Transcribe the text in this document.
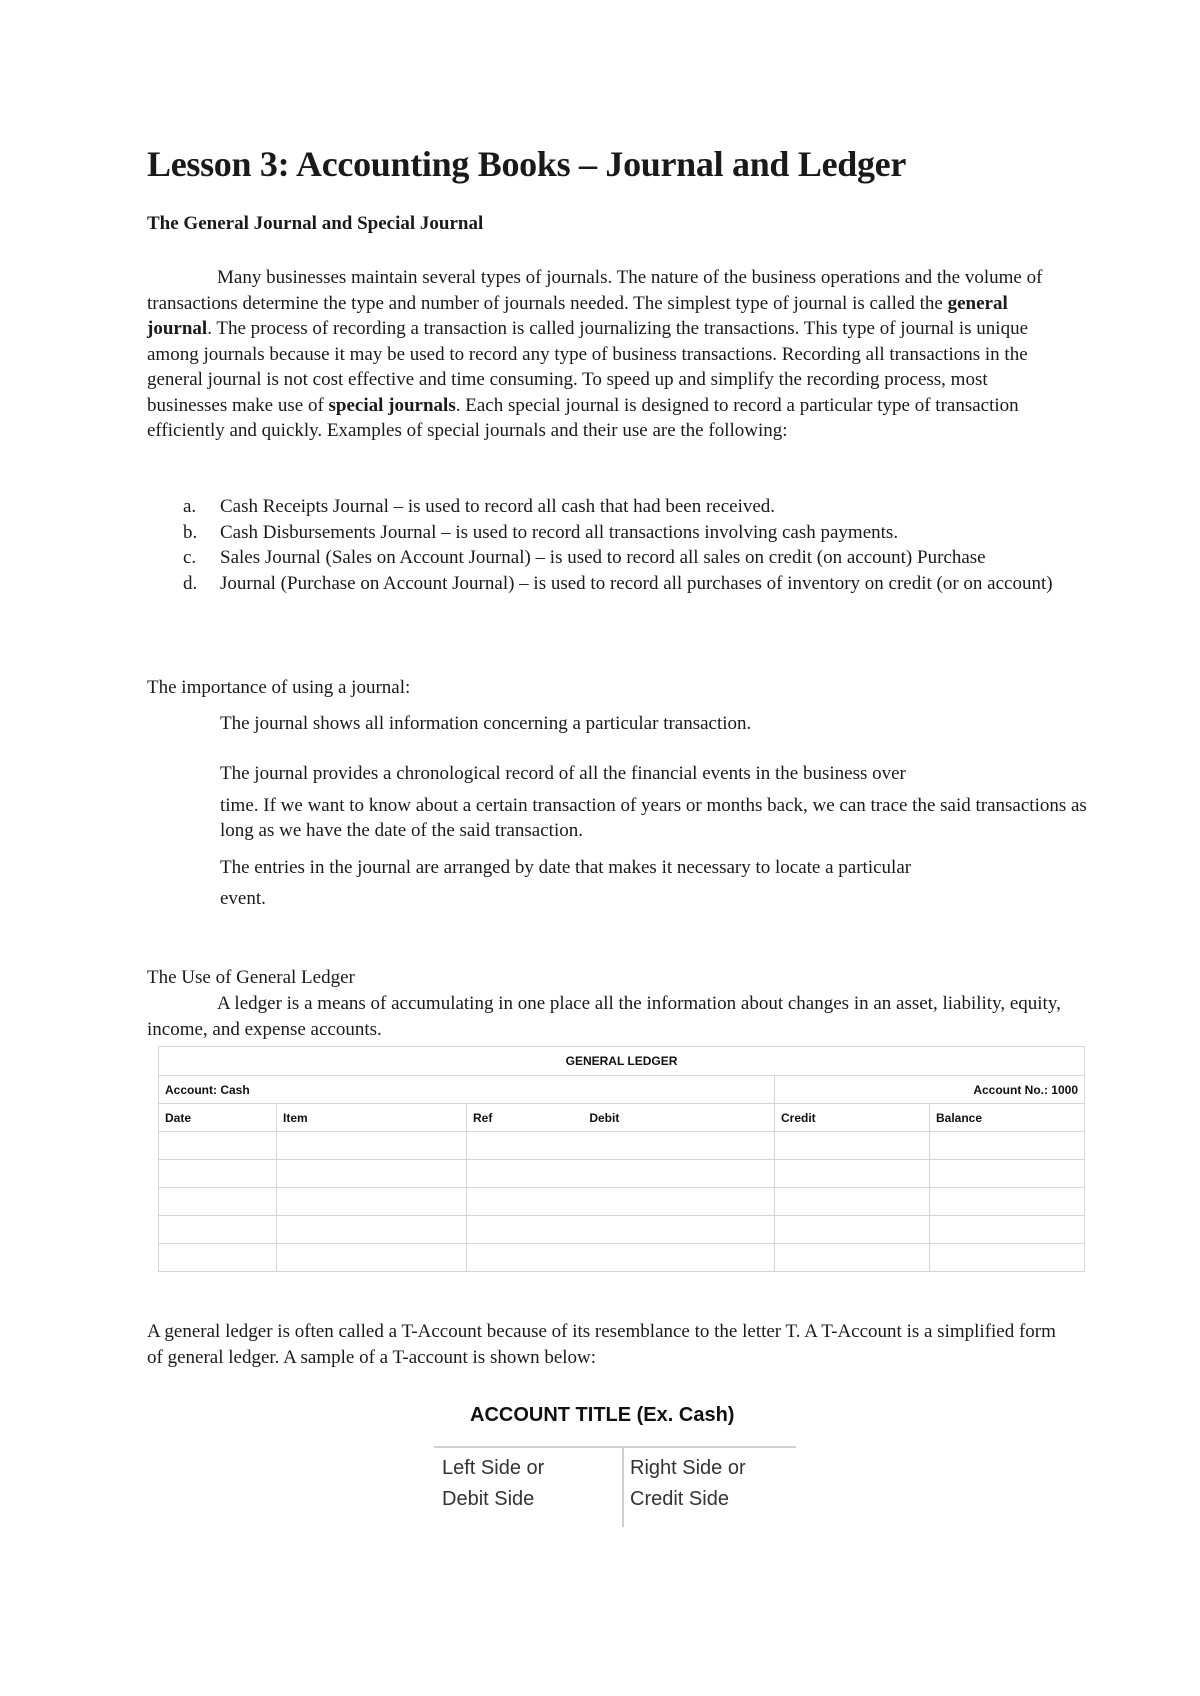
Lesson 3: Accounting Books – Journal and Ledger
The General Journal and Special Journal

Many businesses maintain several types of journals. The nature of the business operations and the volume of transactions determine the type and number of journals needed. The simplest type of journal is called the general journal. The process of recording a transaction is called journalizing the transactions. This type of journal is unique among journals because it may be used to record any type of business transactions. Recording all transactions in the general journal is not cost effective and time consuming. To speed up and simplify the recording process, most businesses make use of special journals. Each special journal is designed to record a particular type of transaction efficiently and quickly. Examples of special journals and their use are the following:

a. Cash Receipts Journal – is used to record all cash that had been received.
b. Cash Disbursements Journal – is used to record all transactions involving cash payments.
c. Sales Journal (Sales on Account Journal) – is used to record all sales on credit (on account) Purchase
d. Journal (Purchase on Account Journal) – is used to record all purchases of inventory on credit (or on account)

The importance of using a journal:

The journal shows all information concerning a particular transaction.

The journal provides a chronological record of all the financial events in the business over
time. If we want to know about a certain transaction of years or months back, we can trace the said transactions as long as we have the date of the said transaction.

The entries in the journal are arranged by date that makes it necessary to locate a particular
event.

The Use of General Ledger

A ledger is a means of accumulating in one place all the information about changes in an asset, liability, equity, income, and expense accounts.

GENERAL LEDGER				
Account: Cash			Account No.: 1000	
Date	Item	Ref Debit	Credit	Balance

A general ledger is often called a T-Account because of its resemblance to the letter T. A T-Account is a simplified form of general ledger. A sample of a T-account is shown below:

ACCOUNT TITLE (Ex. Cash)

Left Side or
Debit Side

Right Side or
Credit Side
